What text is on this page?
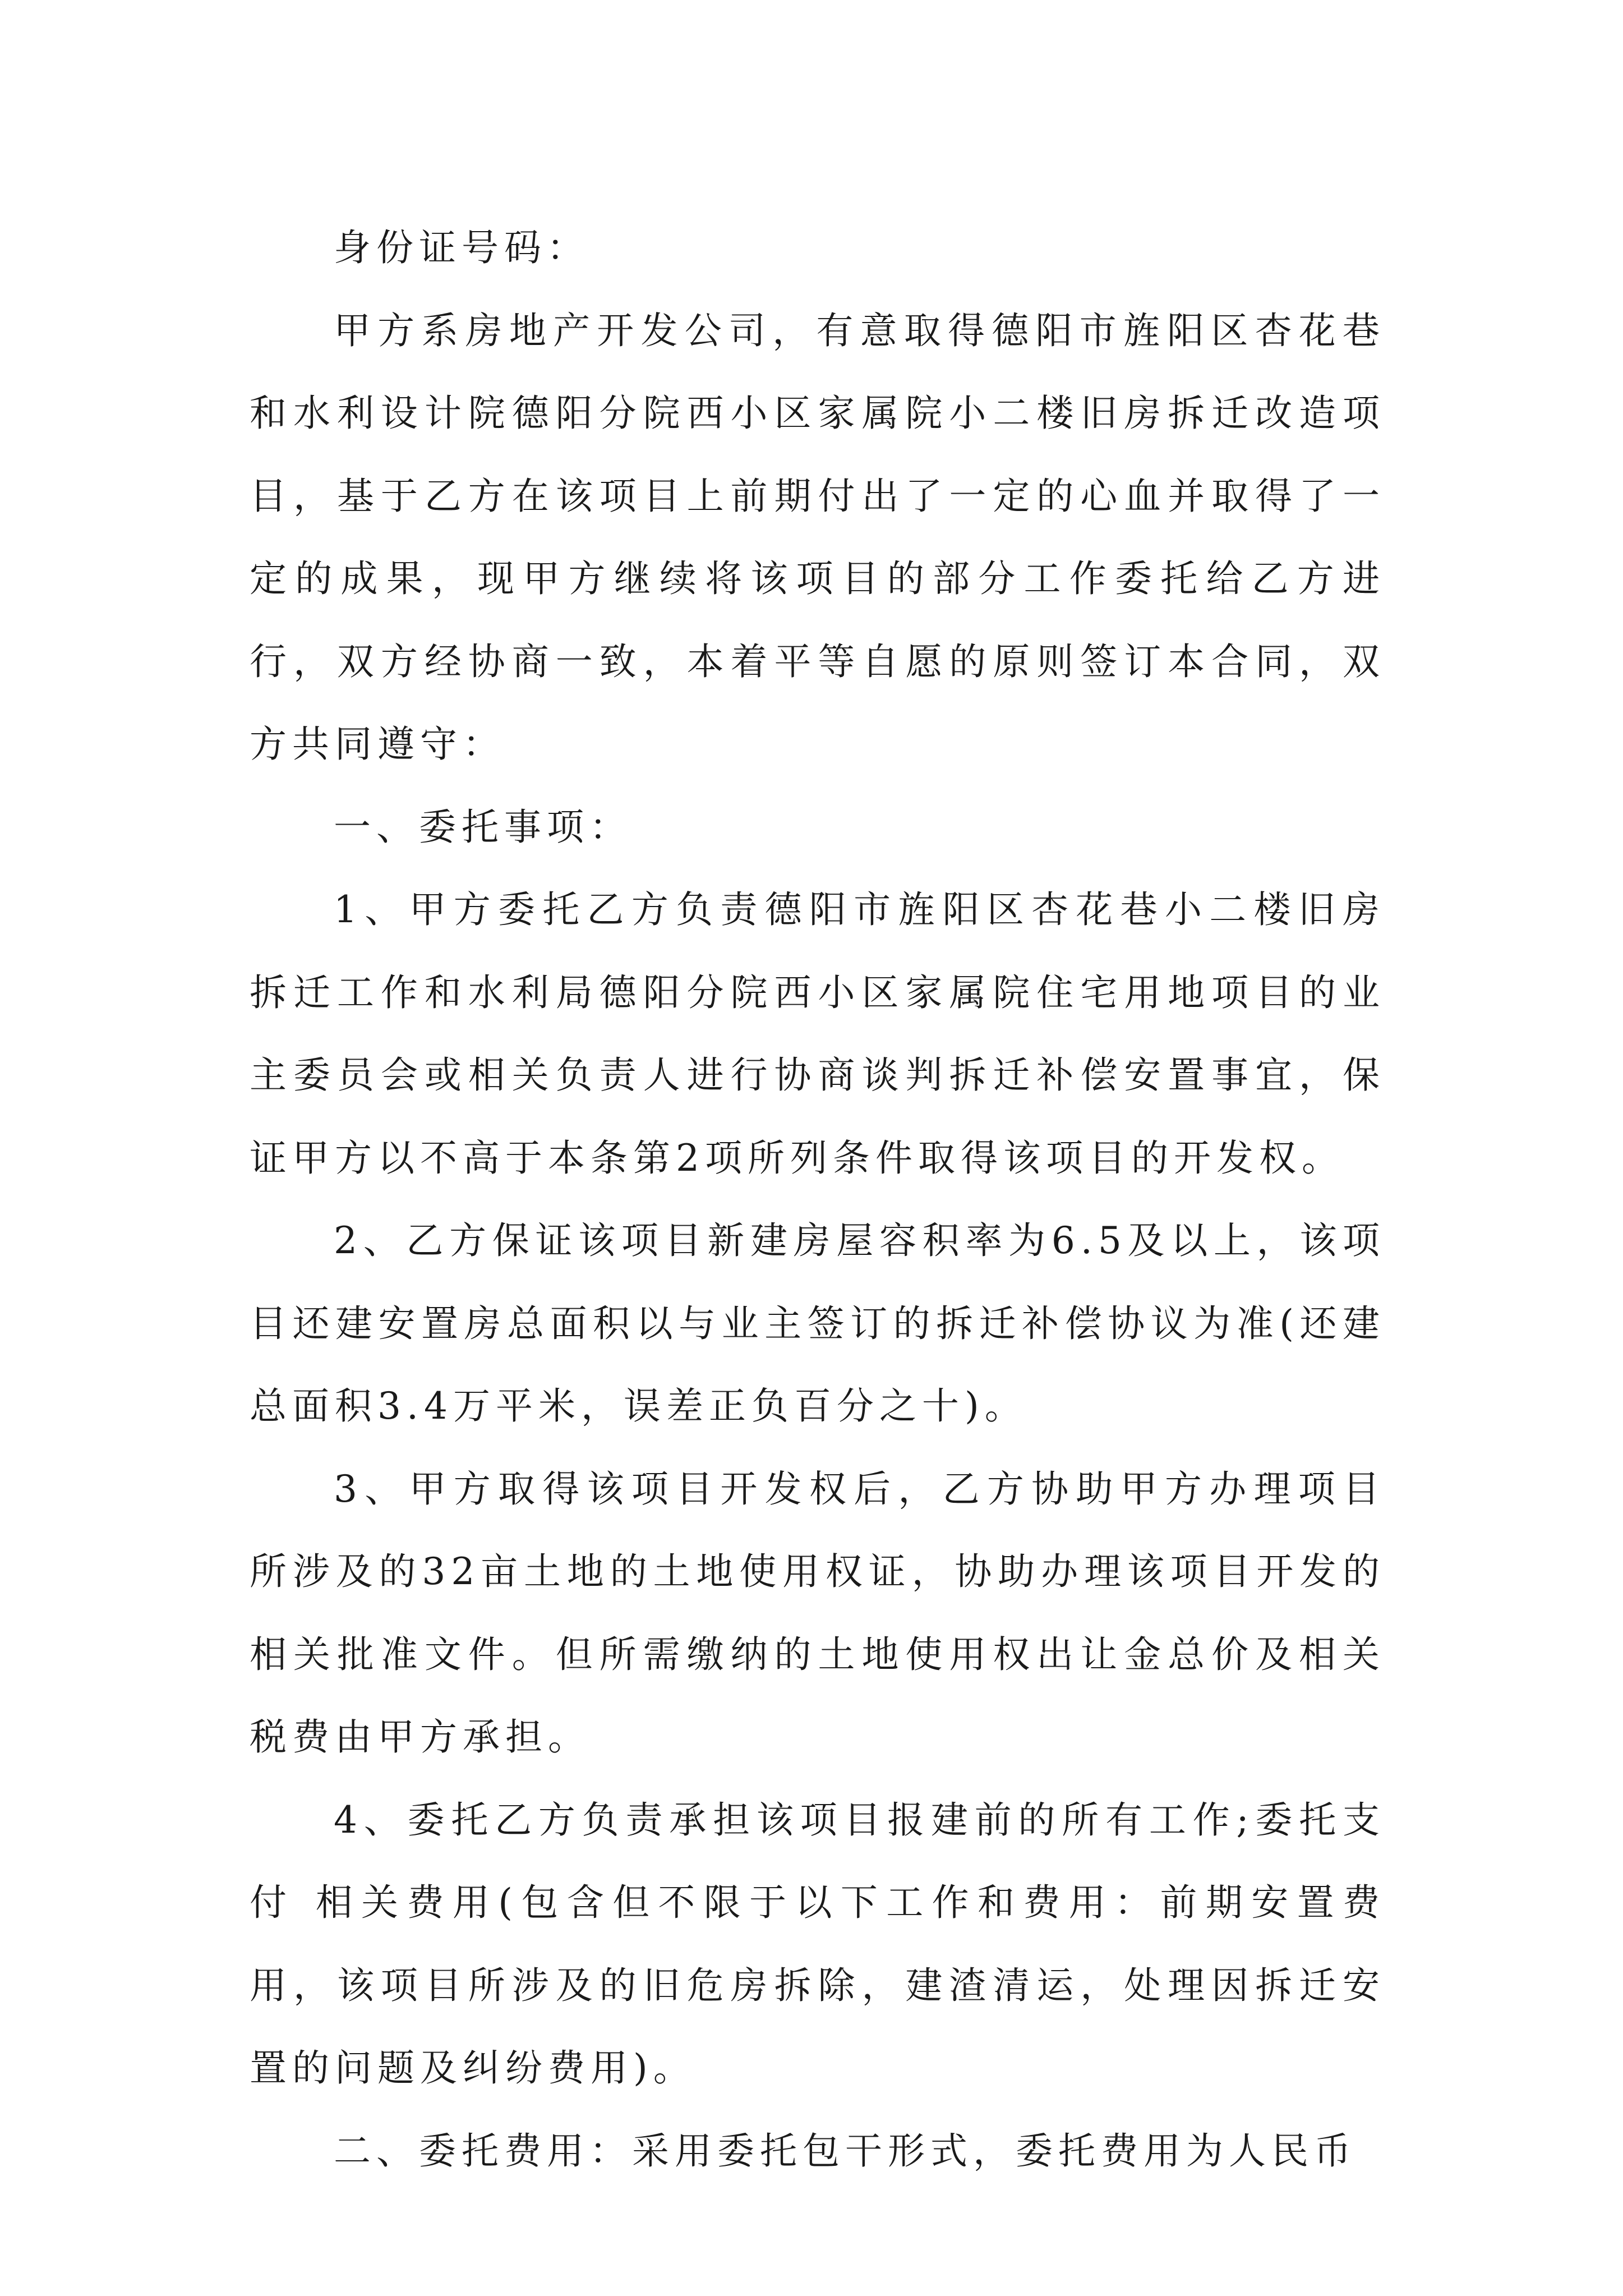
身份证号码：

甲方系房地产开发公司，有意取得德阳市旌阳区杏花巷和水利设计院德阳分院西小区家属院小二楼旧房拆迁改造项目，基于乙方在该项目上前期付出了一定的心血并取得了一定的成果，现甲方继续将该项目的部分工作委托给乙方进行，双方经协商一致，本着平等自愿的原则签订本合同，双方共同遵守：

一、委托事项：

1、甲方委托乙方负责德阳市旌阳区杏花巷小二楼旧房拆迁工作和水利局德阳分院西小区家属院住宅用地项目的业主委员会或相关负责人进行协商谈判拆迁补偿安置事宜，保证甲方以不高于本条第2项所列条件取得该项目的开发权。

2、乙方保证该项目新建房屋容积率为6.5及以上，该项目还建安置房总面积以与业主签订的拆迁补偿协议为准(还建总面积3.4万平米，误差正负百分之十)。

3、甲方取得该项目开发权后，乙方协助甲方办理项目所涉及的32亩土地的土地使用权证，协助办理该项目开发的相关批准文件。但所需缴纳的土地使用权出让金总价及相关税费由甲方承担。

4、委托乙方负责承担该项目报建前的所有工作;委托支付 相关费用(包含但不限于以下工作和费用：前期安置费用，该项目所涉及的旧危房拆除，建渣清运，处理因拆迁安置的问题及纠纷费用)。

二、委托费用：采用委托包干形式，委托费用为人民币
